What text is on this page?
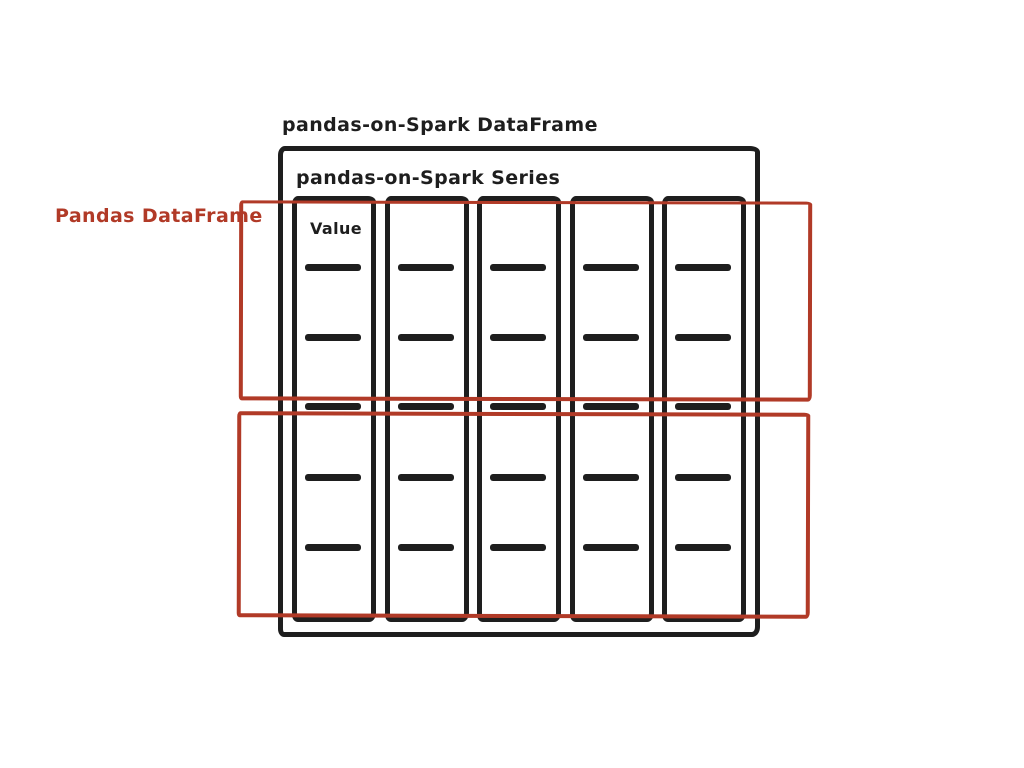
pandas-on-Spark DataFrame
pandas-on-Spark Series
Pandas DataFrame
Value
